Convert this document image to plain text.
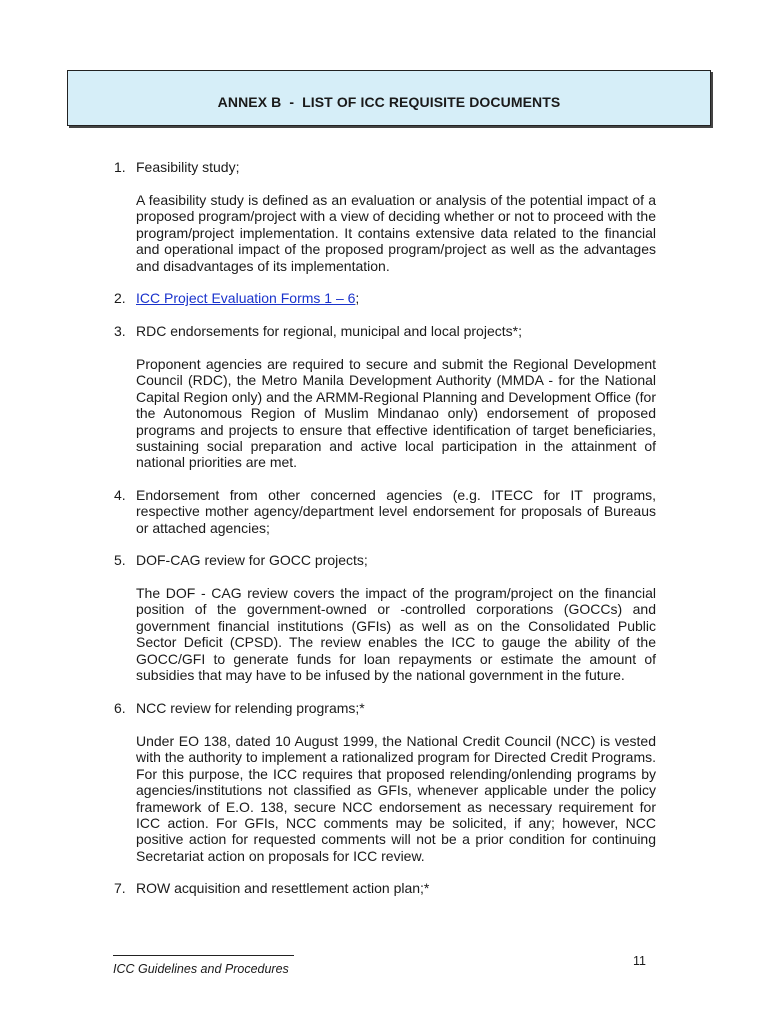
ANNEX B  -  LIST OF ICC REQUISITE DOCUMENTS
1. Feasibility study;
A feasibility study is defined as an evaluation or analysis of the potential impact of a proposed program/project with a view of deciding whether or not to proceed with the program/project implementation. It contains extensive data related to the financial and operational impact of the proposed program/project as well as the advantages and disadvantages of its implementation.
2. ICC Project Evaluation Forms 1 – 6;
3. RDC endorsements for regional, municipal and local projects*;
Proponent agencies are required to secure and submit the Regional Development Council (RDC), the Metro Manila Development Authority (MMDA - for the National Capital Region only) and the ARMM-Regional Planning and Development Office (for the Autonomous Region of Muslim Mindanao only) endorsement of proposed programs and projects to ensure that effective identification of target beneficiaries, sustaining social preparation and active local participation in the attainment of national priorities are met.
4. Endorsement from other concerned agencies (e.g. ITECC for IT programs, respective mother agency/department level endorsement for proposals of Bureaus or attached agencies;
5. DOF-CAG review for GOCC projects;
The DOF - CAG review covers the impact of the program/project on the financial position of the government-owned or -controlled corporations (GOCCs) and government financial institutions (GFIs) as well as on the Consolidated Public Sector Deficit (CPSD). The review enables the ICC to gauge the ability of the GOCC/GFI to generate funds for loan repayments or estimate the amount of subsidies that may have to be infused by the national government in the future.
6. NCC review for relending programs;*
Under EO 138, dated 10 August 1999, the National Credit Council (NCC) is vested with the authority to implement a rationalized program for Directed Credit Programs. For this purpose, the ICC requires that proposed relending/onlending programs by agencies/institutions not classified as GFIs, whenever applicable under the policy framework of E.O. 138, secure NCC endorsement as necessary requirement for ICC action. For GFIs, NCC comments may be solicited, if any; however, NCC positive action for requested comments will not be a prior condition for continuing Secretariat action on proposals for ICC review.
7. ROW acquisition and resettlement action plan;*
ICC Guidelines and Procedures
11
